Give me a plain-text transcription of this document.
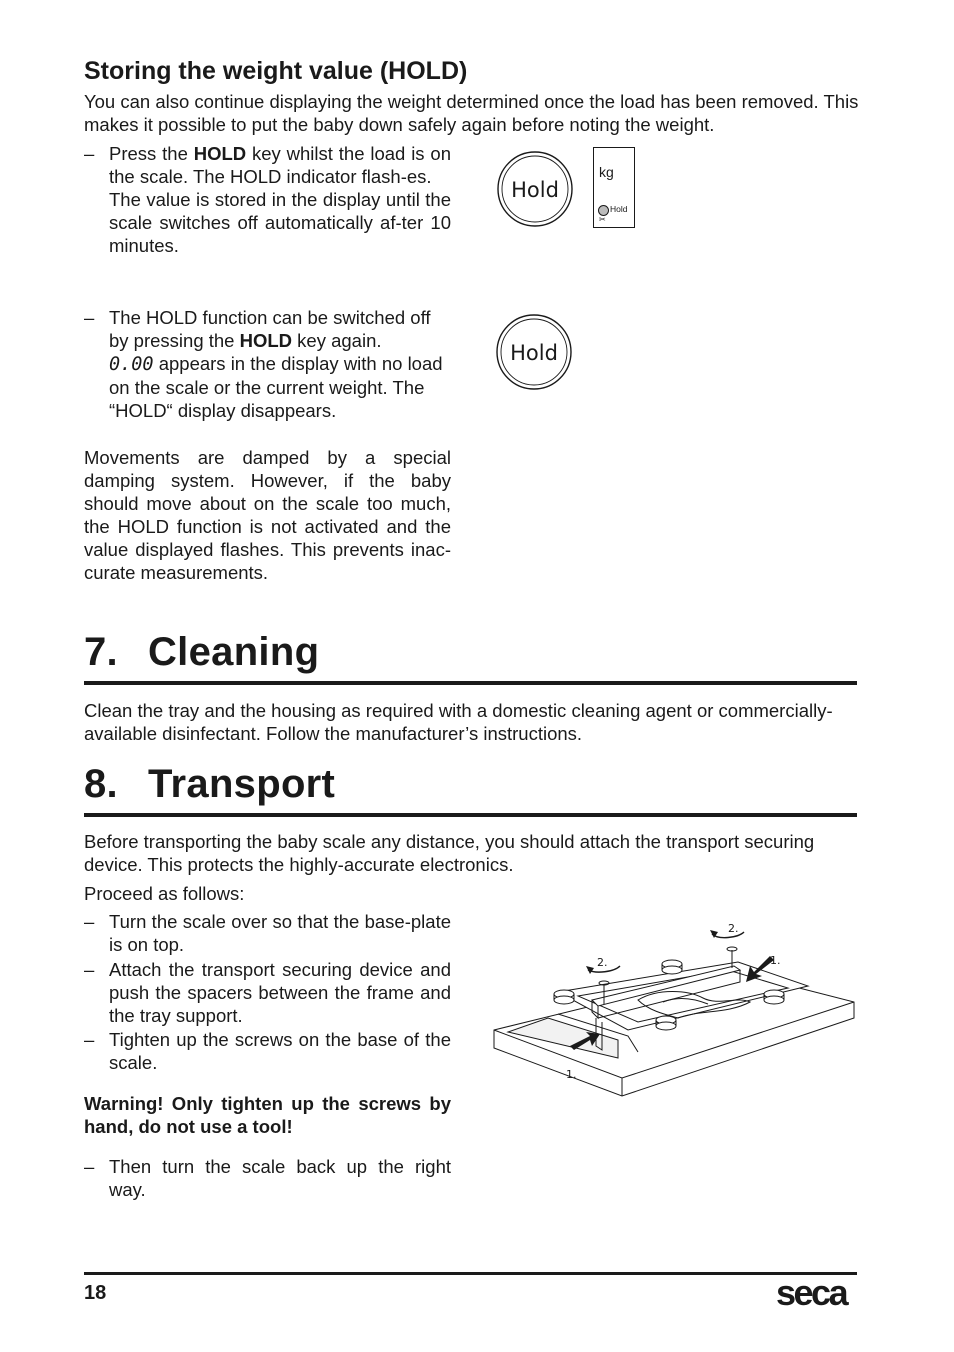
Storing the weight value (HOLD)
You can also continue displaying the weight determined once the load has been removed. This makes it possible to put the baby down safely again before noting the weight.
– Press the HOLD key whilst the load is on the scale. The HOLD indicator flash-es.
The value is stored in the display until the scale switches off automatically af-ter 10 minutes.
Hold
kg
Hold
✂
– The HOLD function can be switched off by pressing the HOLD key again.
0.00 appears in the display with no load on the scale or the current weight. The “HOLD“ display disappears.
Hold
Movements are damped by a special damping system. However, if the baby should move about on the scale too much, the HOLD function is not activated and the value displayed flashes. This prevents inac-curate measurements.
7. Cleaning
Clean the tray and the housing as required with a domestic cleaning agent or commercially-available disinfectant. Follow the manufacturer’s instructions.
8. Transport
Before transporting the baby scale any distance, you should attach the transport securing device. This protects the highly-accurate electronics.
Proceed as follows:
– Turn the scale over so that the base-plate is on top.
– Attach the transport securing device and push the spacers between the frame and the tray support.
– Tighten up the screws on the base of the scale.
Warning! Only tighten up the screws by hand, do not use a tool!
– Then turn the scale back up the right way.
2.
2.	1.
1.
18	seca
